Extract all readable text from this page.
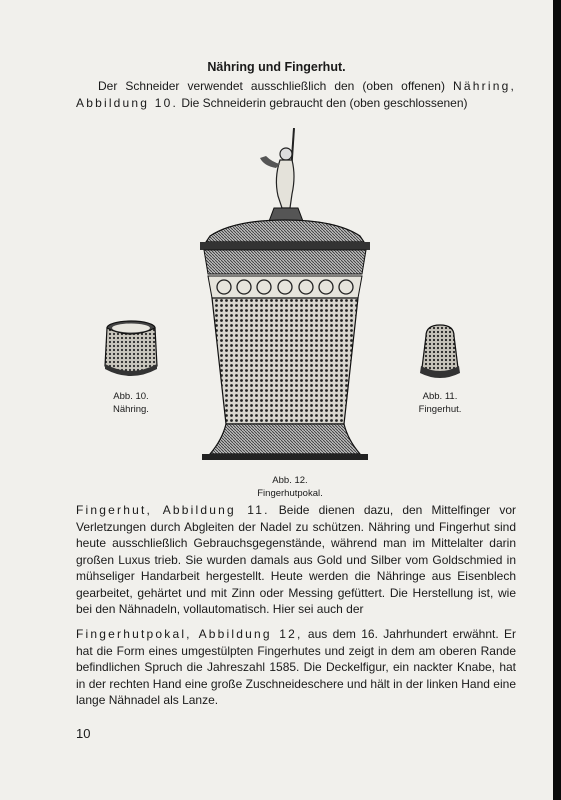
Nähring und Fingerhut.

Der Schneider verwendet ausschließlich den (oben offenen) Nähring, Abbildung 10. Die Schneiderin gebraucht den (oben geschlossenen)

Abb. 10.
Nähring.
Abb. 12.
Fingerhutpokal.
Abb. 11.
Fingerhut.

Fingerhut, Abbildung 11. Beide dienen dazu, den Mittelfinger vor Verletzungen durch Abgleiten der Nadel zu schützen. Nähring und Fingerhut sind heute ausschließlich Gebrauchsgegenstände, während man im Mittelalter darin großen Luxus trieb. Sie wurden damals aus Gold und Silber vom Goldschmied in mühseliger Handarbeit hergestellt. Heute werden die Nähringe aus Eisenblech gearbeitet, gehärtet und mit Zinn oder Messing gefüttert. Die Herstellung ist, wie bei den Nähnadeln, vollautomatisch. Hier sei auch der

Fingerhutpokal, Abbildung 12, aus dem 16. Jahrhundert erwähnt. Er hat die Form eines umgestülpten Fingerhutes und zeigt in dem am oberen Rande befindlichen Spruch die Jahreszahl 1585. Die Deckelfigur, ein nackter Knabe, hat in der rechten Hand eine große Zuschneideschere und hält in der linken Hand eine lange Nähnadel als Lanze.

10
